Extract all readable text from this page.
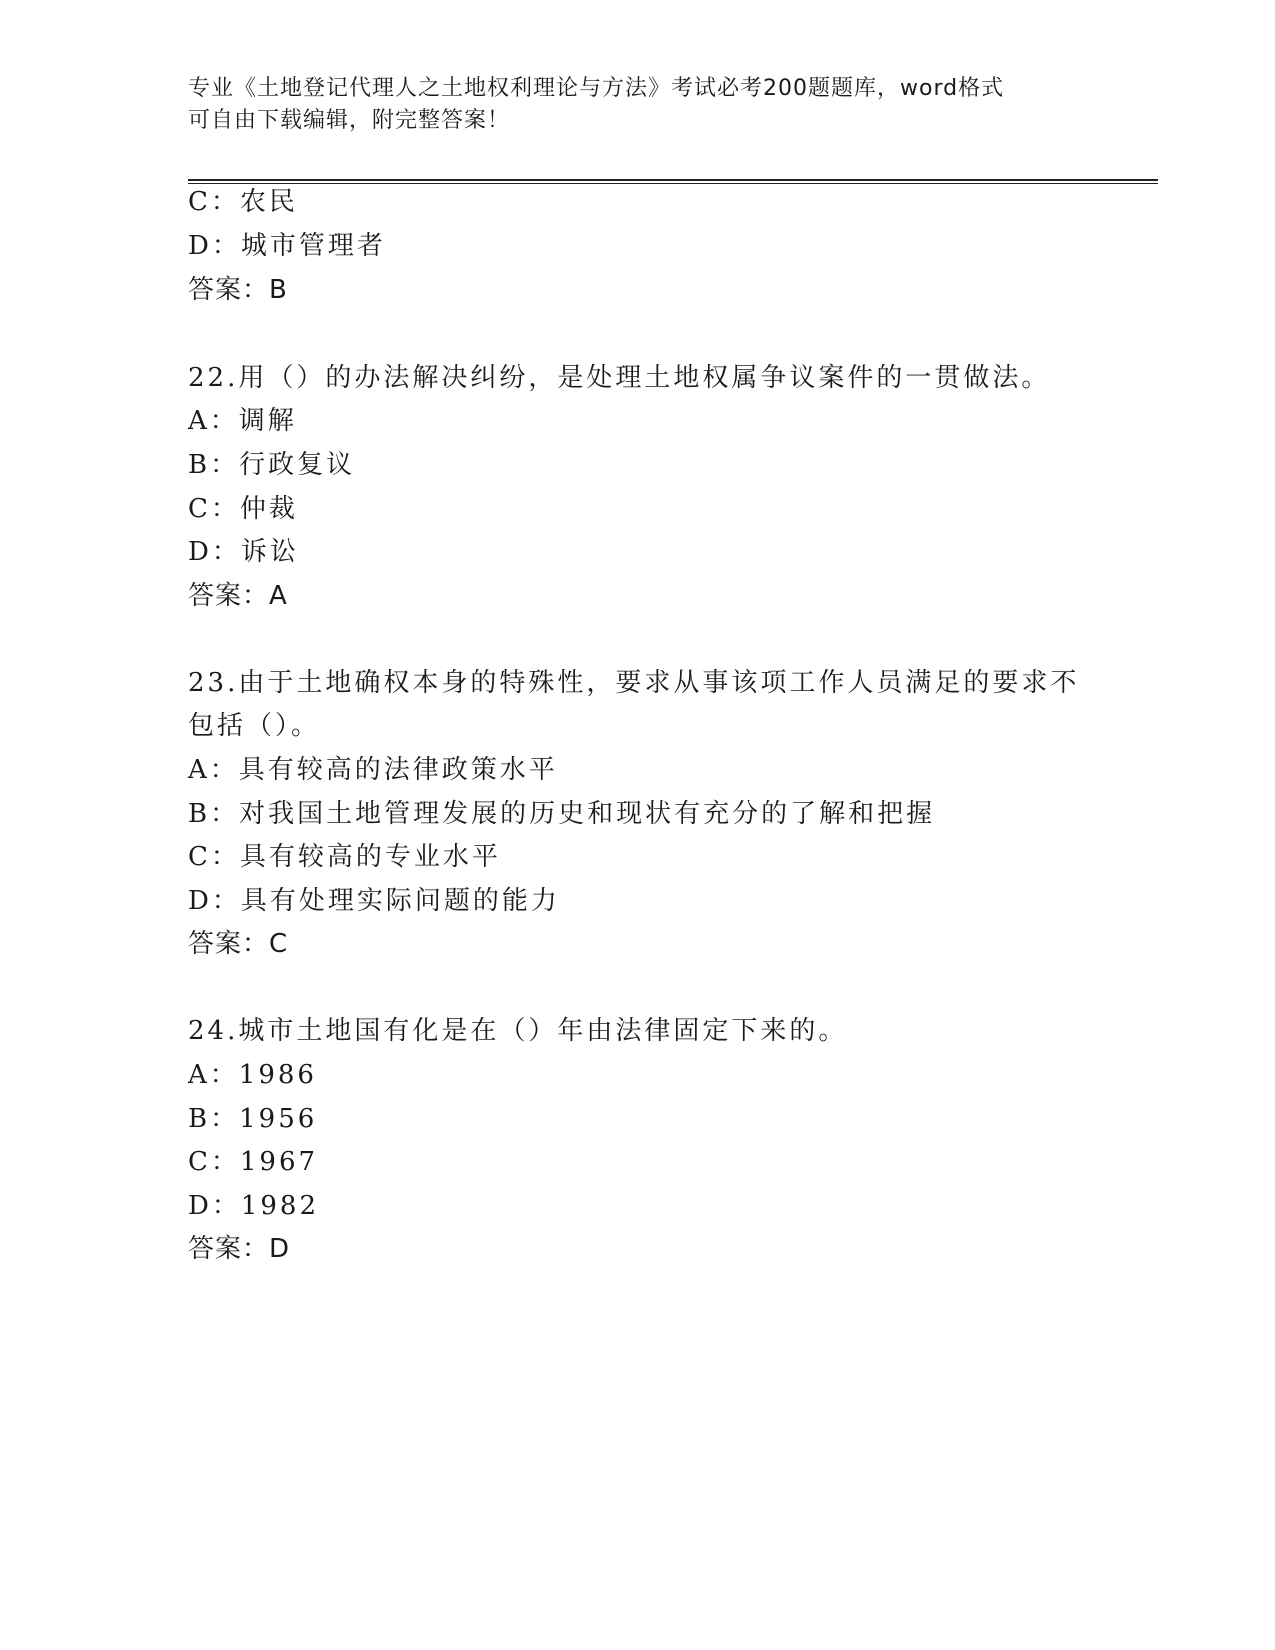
专业《土地登记代理人之土地权利理论与方法》考试必考200题题库，word格式
可自由下载编辑，附完整答案！
C：农民
D：城市管理者
答案：B
22.用（）的办法解决纠纷，是处理土地权属争议案件的一贯做法。
A：调解
B：行政复议
C：仲裁
D：诉讼
答案：A
23.由于土地确权本身的特殊性，要求从事该项工作人员满足的要求不
包括（）。
A：具有较高的法律政策水平
B：对我国土地管理发展的历史和现状有充分的了解和把握
C：具有较高的专业水平
D：具有处理实际问题的能力
答案：C
24.城市土地国有化是在（）年由法律固定下来的。
A：1986
B：1956
C：1967
D：1982
答案：D
